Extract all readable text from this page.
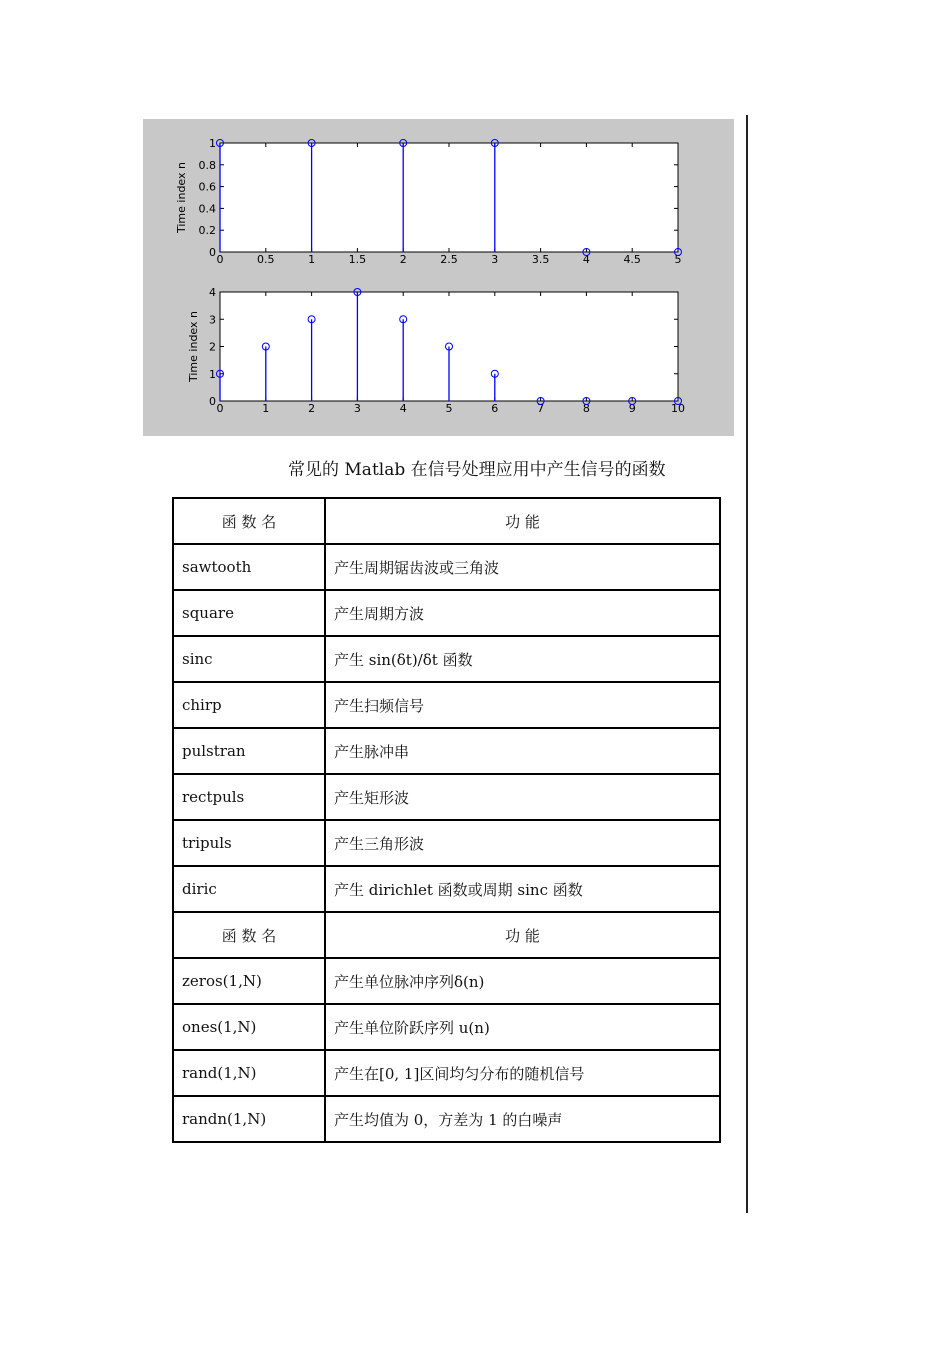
0	0.5	1	1.5	2	2.5	3	3.5	4	4.5	5
0
0.2
0.4
0.6
0.8
1
Time index n
0	1	2	3	4	5	6	7	8	9	10
0
1
2
3
4
Time index n
常见的 Matlab 在信号处理应用中产生信号的函数
函 数 名	功 能
sawtooth	产生周期锯齿波或三角波
square	产生周期方波
sinc	产生 sin(δt)/δt 函数
chirp	产生扫频信号
pulstran	产生脉冲串
rectpuls	产生矩形波
tripuls	产生三角形波
diric	产生 dirichlet 函数或周期 sinc 函数
函 数 名	功 能
zeros(1,N)	产生单位脉冲序列δ(n)
ones(1,N)	产生单位阶跃序列 u(n)
rand(1,N)	产生在[0, 1]区间均匀分布的随机信号
randn(1,N)	产生均值为 0，方差为 1 的白噪声
